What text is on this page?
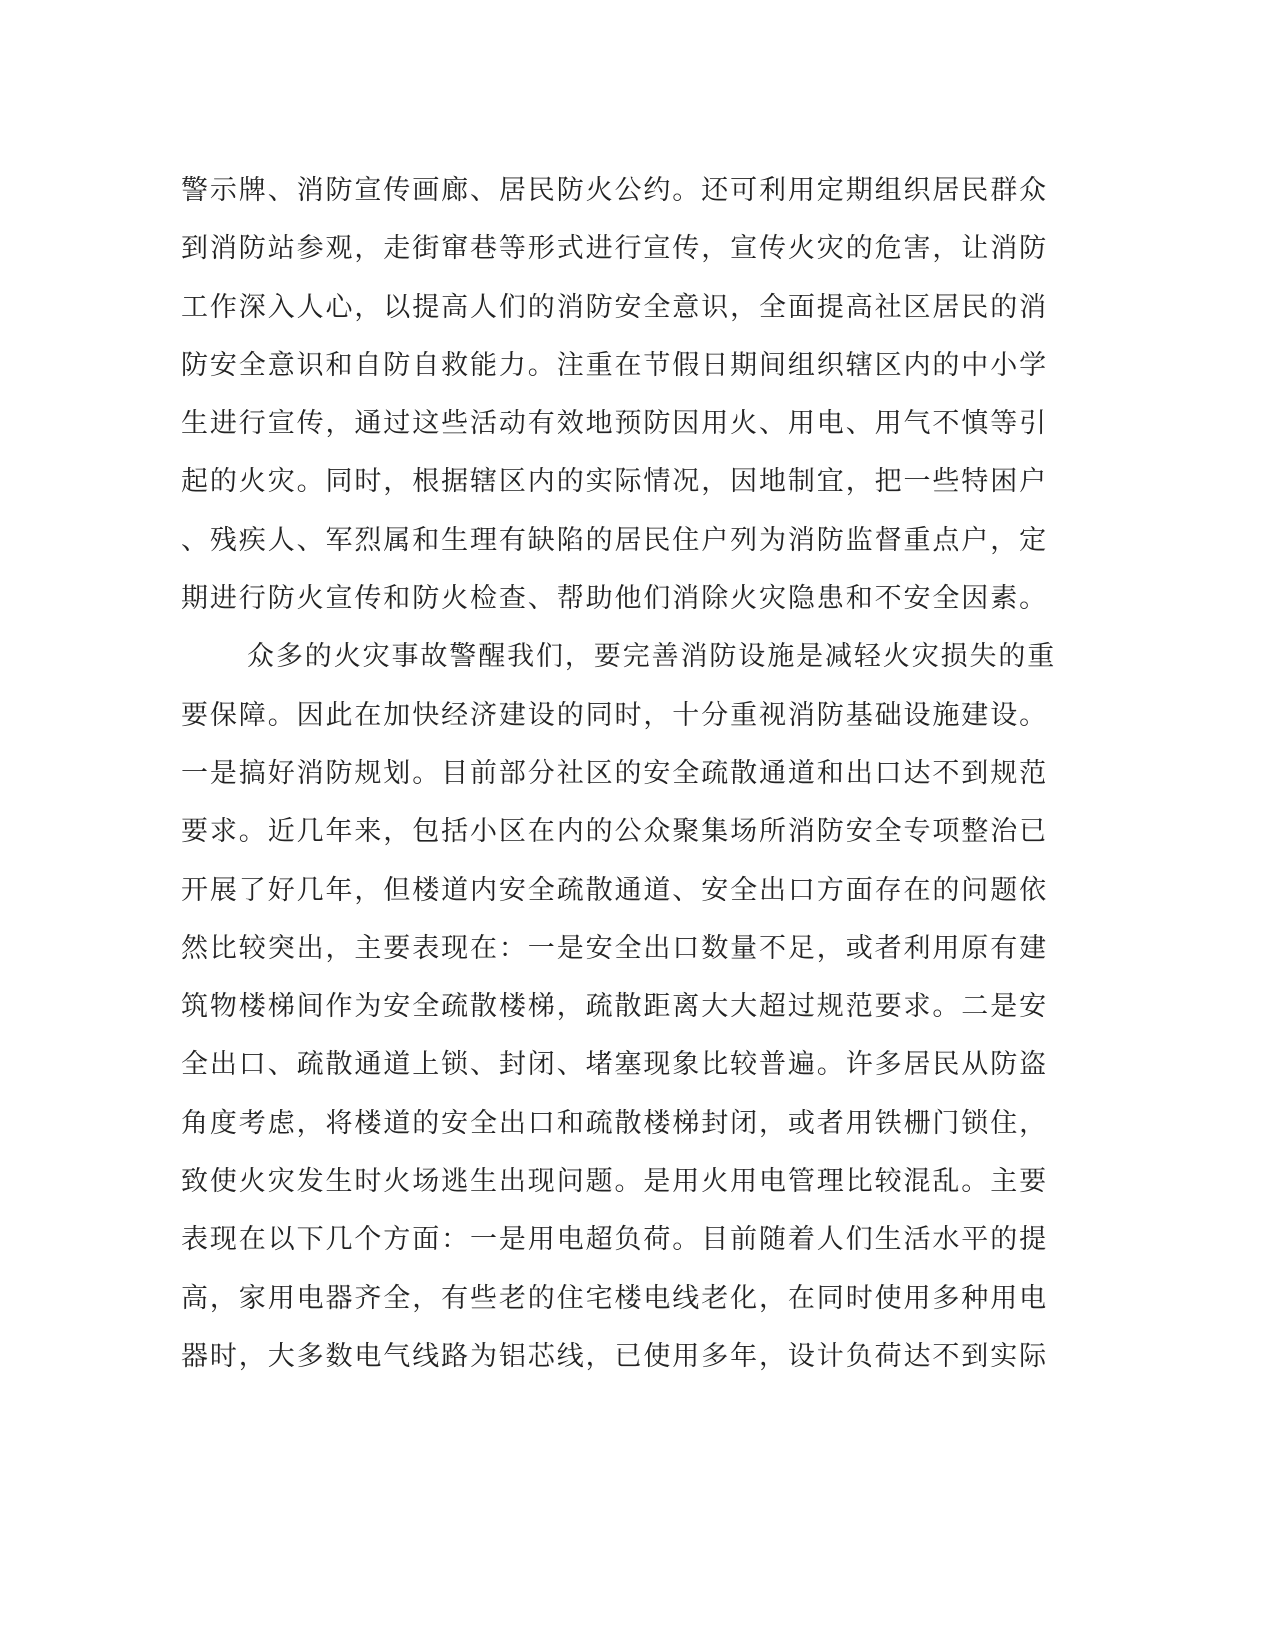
警示牌、消防宣传画廊、居民防火公约。还可利用定期组织居民群众
到消防站参观，走街窜巷等形式进行宣传，宣传火灾的危害，让消防
工作深入人心，以提高人们的消防安全意识，全面提高社区居民的消
防安全意识和自防自救能力。注重在节假日期间组织辖区内的中小学
生进行宣传，通过这些活动有效地预防因用火、用电、用气不慎等引
起的火灾。同时，根据辖区内的实际情况，因地制宜，把一些特困户
、残疾人、军烈属和生理有缺陷的居民住户列为消防监督重点户，定
期进行防火宣传和防火检查、帮助他们消除火灾隐患和不安全因素。
众多的火灾事故警醒我们，要完善消防设施是减轻火灾损失的重
要保障。因此在加快经济建设的同时，十分重视消防基础设施建设。
一是搞好消防规划。目前部分社区的安全疏散通道和出口达不到规范
要求。近几年来，包括小区在内的公众聚集场所消防安全专项整治已
开展了好几年，但楼道内安全疏散通道、安全出口方面存在的问题依
然比较突出，主要表现在：一是安全出口数量不足，或者利用原有建
筑物楼梯间作为安全疏散楼梯，疏散距离大大超过规范要求。二是安
全出口、疏散通道上锁、封闭、堵塞现象比较普遍。许多居民从防盗
角度考虑，将楼道的安全出口和疏散楼梯封闭，或者用铁栅门锁住，
致使火灾发生时火场逃生出现问题。是用火用电管理比较混乱。主要
表现在以下几个方面：一是用电超负荷。目前随着人们生活水平的提
高，家用电器齐全，有些老的住宅楼电线老化，在同时使用多种用电
器时，大多数电气线路为铝芯线，已使用多年，设计负荷达不到实际
